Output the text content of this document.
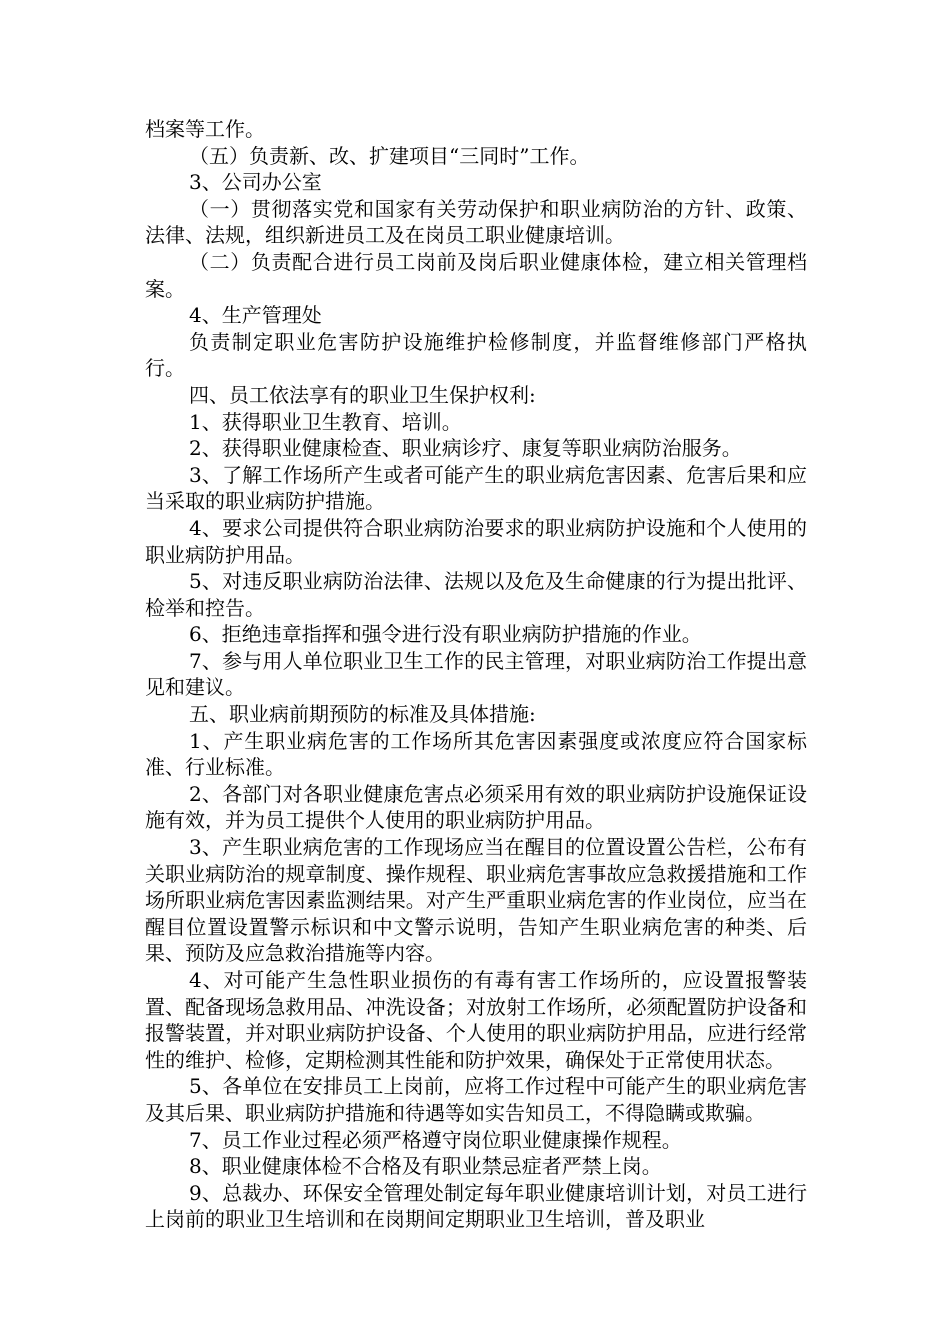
档案等工作。

（五）负责新、改、扩建项目“三同时”工作。

3、公司办公室

（一）贯彻落实党和国家有关劳动保护和职业病防治的方针、政策、法律、法规，组织新进员工及在岗员工职业健康培训。

（二）负责配合进行员工岗前及岗后职业健康体检，建立相关管理档案。

4、生产管理处

负责制定职业危害防护设施维护检修制度，并监督维修部门严格执行。

四、员工依法享有的职业卫生保护权利:

1、获得职业卫生教育、培训。

2、获得职业健康检查、职业病诊疗、康复等职业病防治服务。

3、了解工作场所产生或者可能产生的职业病危害因素、危害后果和应当采取的职业病防护措施。

4、要求公司提供符合职业病防治要求的职业病防护设施和个人使用的职业病防护用品。

5、对违反职业病防治法律、法规以及危及生命健康的行为提出批评、检举和控告。

6、拒绝违章指挥和强令进行没有职业病防护措施的作业。

7、参与用人单位职业卫生工作的民主管理，对职业病防治工作提出意见和建议。

五、职业病前期预防的标准及具体措施:

1、产生职业病危害的工作场所其危害因素强度或浓度应符合国家标准、行业标准。

2、各部门对各职业健康危害点必须采用有效的职业病防护设施保证设施有效，并为员工提供个人使用的职业病防护用品。

3、产生职业病危害的工作现场应当在醒目的位置设置公告栏，公布有关职业病防治的规章制度、操作规程、职业病危害事故应急救援措施和工作场所职业病危害因素监测结果。对产生严重职业病危害的作业岗位，应当在醒目位置设置警示标识和中文警示说明，告知产生职业病危害的种类、后果、预防及应急救治措施等内容。

4、对可能产生急性职业损伤的有毒有害工作场所的，应设置报警装置、配备现场急救用品、冲洗设备；对放射工作场所，必须配置防护设备和报警装置，并对职业病防护设备、个人使用的职业病防护用品，应进行经常性的维护、检修，定期检测其性能和防护效果，确保处于正常使用状态。

5、各单位在安排员工上岗前，应将工作过程中可能产生的职业病危害及其后果、职业病防护措施和待遇等如实告知员工，不得隐瞒或欺骗。

7、员工作业过程必须严格遵守岗位职业健康操作规程。

8、职业健康体检不合格及有职业禁忌症者严禁上岗。

9、总裁办、环保安全管理处制定每年职业健康培训计划，对员工进行上岗前的职业卫生培训和在岗期间定期职业卫生培训，普及职业
